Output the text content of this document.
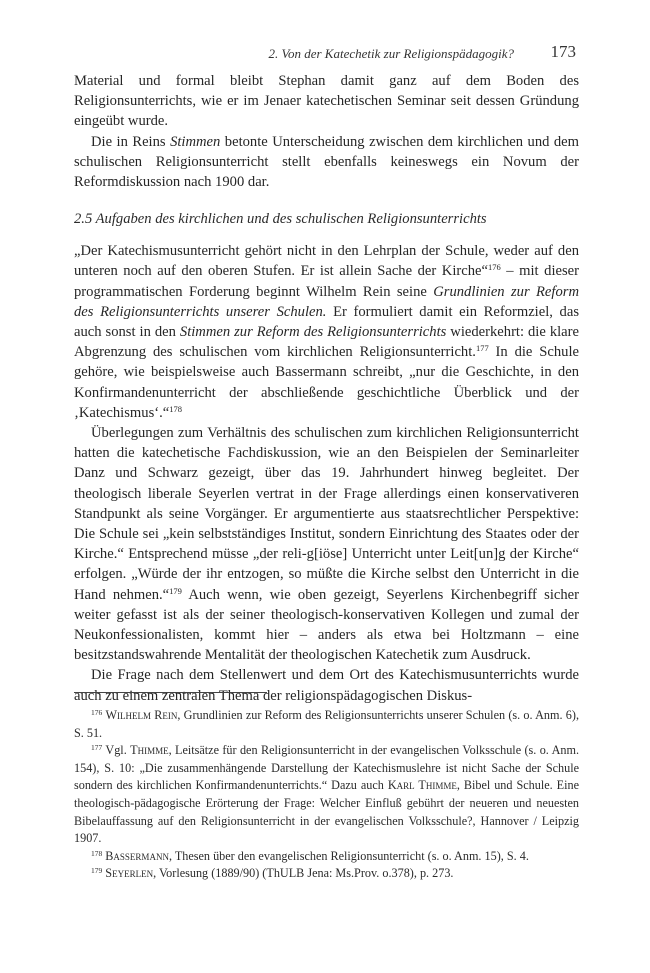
2. Von der Katechetik zur Religionspädagogik? 173

Material und formal bleibt Stephan damit ganz auf dem Boden des Religionsunterrichts, wie er im Jenaer katechetischen Seminar seit dessen Gründung eingeübt wurde.

Die in Reins Stimmen betonte Unterscheidung zwischen dem kirchlichen und dem schulischen Religionsunterricht stellt ebenfalls keineswegs ein Novum der Reformdiskussion nach 1900 dar.

2.5 Aufgaben des kirchlichen und des schulischen Religionsunterrichts

„Der Katechismusunterricht gehört nicht in den Lehrplan der Schule, weder auf den unteren noch auf den oberen Stufen. Er ist allein Sache der Kirche“$^{176}$ – mit dieser programmatischen Forderung beginnt Wilhelm Rein seine Grundlinien zur Reform des Religionsunterrichts unserer Schulen. Er formuliert damit ein Reformziel, das auch sonst in den Stimmen zur Reform des Religionsunterrichts wiederkehrt: die klare Abgrenzung des schulischen vom kirchlichen Religionsunterricht.$^{177}$ In die Schule gehöre, wie beispielsweise auch Bassermann schreibt, „nur die Geschichte, in den Konfirmandenunterricht der abschließende geschichtliche Überblick und der ‚Katechismus‘.“$^{178}$

Überlegungen zum Verhältnis des schulischen zum kirchlichen Religionsunterricht hatten die katechetische Fachdiskussion, wie an den Beispielen der Seminarleiter Danz und Schwarz gezeigt, über das 19. Jahrhundert hinweg begleitet. Der theologisch liberale Seyerlen vertrat in der Frage allerdings einen konservativeren Standpunkt als seine Vorgänger. Er argumentierte aus staatsrechtlicher Perspektive: Die Schule sei „kein selbstständiges Institut, sondern Einrichtung des Staates oder der Kirche.“ Entsprechend müsse „der reli-g[iöse] Unterricht unter Leit[un]g der Kirche“ erfolgen. „Würde der ihr entzogen, so müßte die Kirche selbst den Unterricht in die Hand nehmen.“$^{179}$ Auch wenn, wie oben gezeigt, Seyerlens Kirchenbegriff sicher weiter gefasst ist als der seiner theologisch-konservativen Kollegen und zumal der Neukonfessionalisten, kommt hier – anders als etwa bei Holtzmann – eine besitzstandswahrende Mentalität der theologischen Katechetik zum Ausdruck.

Die Frage nach dem Stellenwert und dem Ort des Katechismusunterrichts wurde auch zu einem zentralen Thema der religionspädagogischen Diskus-

$^{176}$ Wilhelm Rein, Grundlinien zur Reform des Religionsunterrichts unserer Schulen (s. o. Anm. 6), S. 51.

$^{177}$ Vgl. Thimme, Leitsätze für den Religionsunterricht in der evangelischen Volksschule (s. o. Anm. 154), S. 10: „Die zusammenhängende Darstellung der Katechismuslehre ist nicht Sache der Schule sondern des kirchlichen Konfirmandenunterrichts.“ Dazu auch Karl Thimme, Bibel und Schule. Eine theologisch-pädagogische Erörterung der Frage: Welcher Einfluß gebührt der neueren und neuesten Bibelauffassung auf den Religionsunterricht in der evangelischen Volksschule?, Hannover / Leipzig 1907.

$^{178}$ Bassermann, Thesen über den evangelischen Religionsunterricht (s. o. Anm. 15), S. 4.

$^{179}$ Seyerlen, Vorlesung (1889/90) (ThULB Jena: Ms.Prov. o.378), p. 273.
